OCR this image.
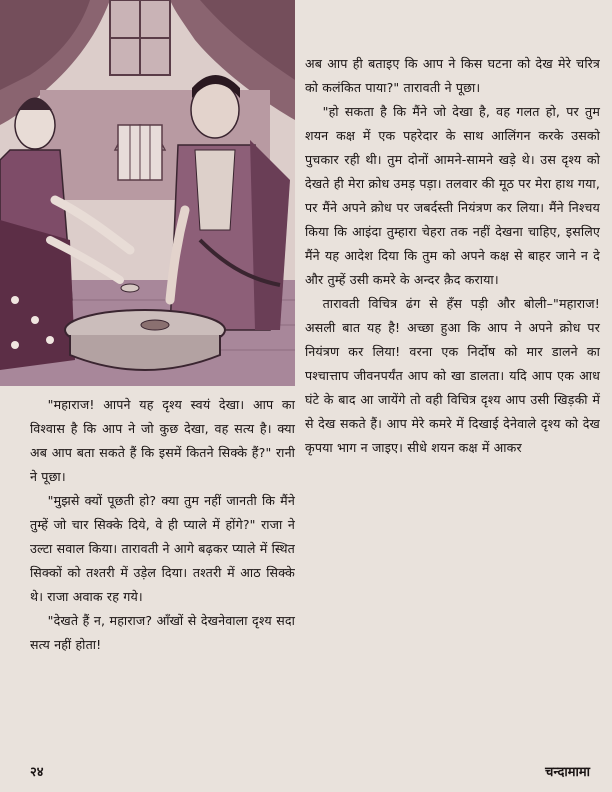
अब आप ही बताइए कि आप ने किस घटना को देख मेरे चरित्र को कलंकित पाया?" तारावती ने पूछा।

"हो सकता है कि मैंने जो देखा है, वह गलत हो, पर तुम शयन कक्ष में एक पहरेदार के साथ आलिंगन करके उसको पुचकार रही थी। तुम दोनों आमने-सामने खड़े थे। उस दृश्य को देखते ही मेरा क्रोध उमड़ पड़ा। तलवार की मूठ पर मेरा हाथ गया, पर मैंने अपने क्रोध पर जबर्दस्ती नियंत्रण कर लिया। मैंने निश्चय किया कि आइंदा तुम्हारा चेहरा तक नहीं देखना चाहिए, इसलिए मैंने यह आदेश दिया कि तुम को अपने कक्ष से बाहर जाने न दे और तुम्हें उसी कमरे के अन्दर क़ैद कराया।

तारावती विचित्र ढंग से हँस पड़ी और बोली–"महाराज! असली बात यह है! अच्छा हुआ कि आप ने अपने क्रोध पर नियंत्रण कर लिया! वरना एक निर्दोष को मार डालने का पश्चात्ताप जीवनपर्यंत आप को खा डालता। यदि आप एक आध घंटे के बाद आ जायेंगे तो वही विचित्र दृश्य आप उसी खिड़की में से देख सकते हैं। आप मेरे कमरे में दिखाई देनेवाले दृश्य को देख कृपया भाग न जाइए। सीधे शयन कक्ष में आकर

"महाराज! आपने यह दृश्य स्वयं देखा। आप का विश्वास है कि आप ने जो कुछ देखा, वह सत्य है। क्या अब आप बता सकते हैं कि इसमें कितने सिक्के हैं?" रानी ने पूछा।

"मुझसे क्यों पूछती हो? क्या तुम नहीं जानती कि मैंने तुम्हें जो चार सिक्के दिये, वे ही प्याले में होंगे?" राजा ने उल्टा सवाल किया। तारावती ने आगे बढ़कर प्याले में स्थित सिक्कों को तश्तरी में उड़ेल दिया। तश्तरी में आठ सिक्के थे। राजा अवाक रह गये।

"देखते हैं न, महाराज? आँखों से देखनेवाला दृश्य सदा सत्य नहीं होता!

२४	चन्दामामा
